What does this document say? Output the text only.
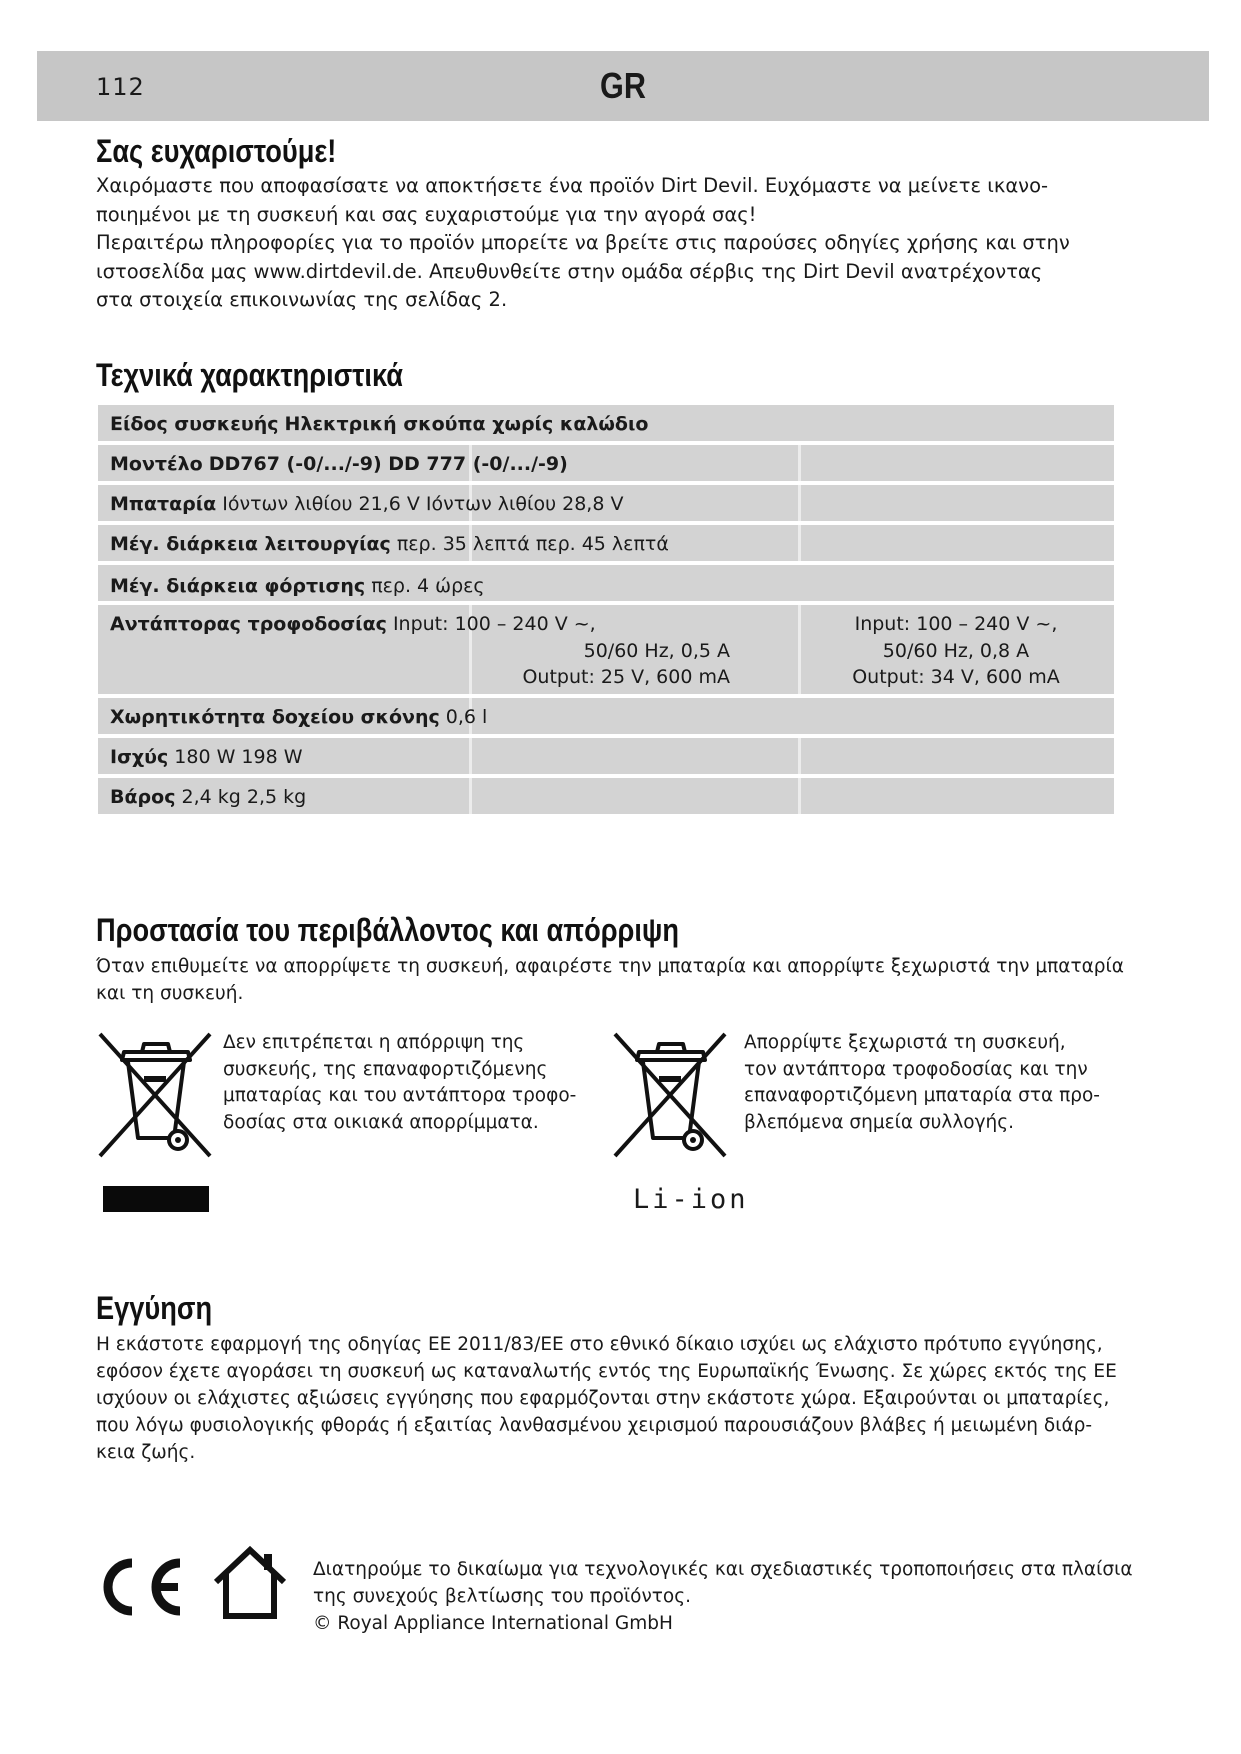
112	GR
Σας ευχαριστούμε!
Χαιρόμαστε που αποφασίσατε να αποκτήσετε ένα προϊόν Dirt Devil. Ευχόμαστε να μείνετε ικανο-
ποιημένοι με τη συσκευή και σας ευχαριστούμε για την αγορά σας!
Περαιτέρω πληροφορίες για το προϊόν μπορείτε να βρείτε στις παρούσες οδηγίες χρήσης και στην
ιστοσελίδα μας www.dirtdevil.de. Απευθυνθείτε στην ομάδα σέρβις της Dirt Devil ανατρέχοντας
στα στοιχεία επικοινωνίας της σελίδας 2.
Τεχνικά χαρακτηριστικά
Είδος συσκευής Ηλεκτρική σκούπα χωρίς καλώδιο
Μοντέλο DD767 (-0/.../-9) DD 777 (-0/.../-9)
Μπαταρία Ιόντων λιθίου 21,6 V Ιόντων λιθίου 28,8 V
Μέγ. διάρκεια λειτουργίας περ. 35 λεπτά περ. 45 λεπτά
Μέγ. διάρκεια φόρτισης περ. 4 ώρες
Αντάπτορας τροφοδοσίας Input: 100 – 240 V ~,
50/60 Hz, 0,5 A
Output: 25 V, 600 mA
Input: 100 – 240 V ~,
50/60 Hz, 0,8 A
Output: 34 V, 600 mA
Χωρητικότητα δοχείου σκόνης 0,6 l
Ισχύς 180 W 198 W
Βάρος 2,4 kg 2,5 kg
Προστασία του περιβάλλοντος και απόρριψη
Όταν επιθυμείτε να απορρίψετε τη συσκευή, αφαιρέστε την μπαταρία και απορρίψτε ξεχωριστά την μπαταρία
και τη συσκευή.
Δεν επιτρέπεται η απόρριψη της
συσκευής, της επαναφορτιζόμενης
μπαταρίας και του αντάπτορα τροφο-
δοσίας στα οικιακά απορρίμματα.
Απορρίψτε ξεχωριστά τη συσκευή,
τον αντάπτορα τροφοδοσίας και την
επαναφορτιζόμενη μπαταρία στα προ-
βλεπόμενα σημεία συλλογής.
Li-ion
Εγγύηση
Η εκάστοτε εφαρμογή της οδηγίας ΕΕ 2011/83/ΕΕ στο εθνικό δίκαιο ισχύει ως ελάχιστο πρότυπο εγγύησης,
εφόσον έχετε αγοράσει τη συσκευή ως καταναλωτής εντός της Ευρωπαϊκής Ένωσης. Σε χώρες εκτός της ΕΕ
ισχύουν οι ελάχιστες αξιώσεις εγγύησης που εφαρμόζονται στην εκάστοτε χώρα. Εξαιρούνται οι μπαταρίες,
που λόγω φυσιολογικής φθοράς ή εξαιτίας λανθασμένου χειρισμού παρουσιάζουν βλάβες ή μειωμένη διάρ-
κεια ζωής.
Διατηρούμε το δικαίωμα για τεχνολογικές και σχεδιαστικές τροποποιήσεις στα πλαίσια
της συνεχούς βελτίωσης του προϊόντος.
© Royal Appliance International GmbH
